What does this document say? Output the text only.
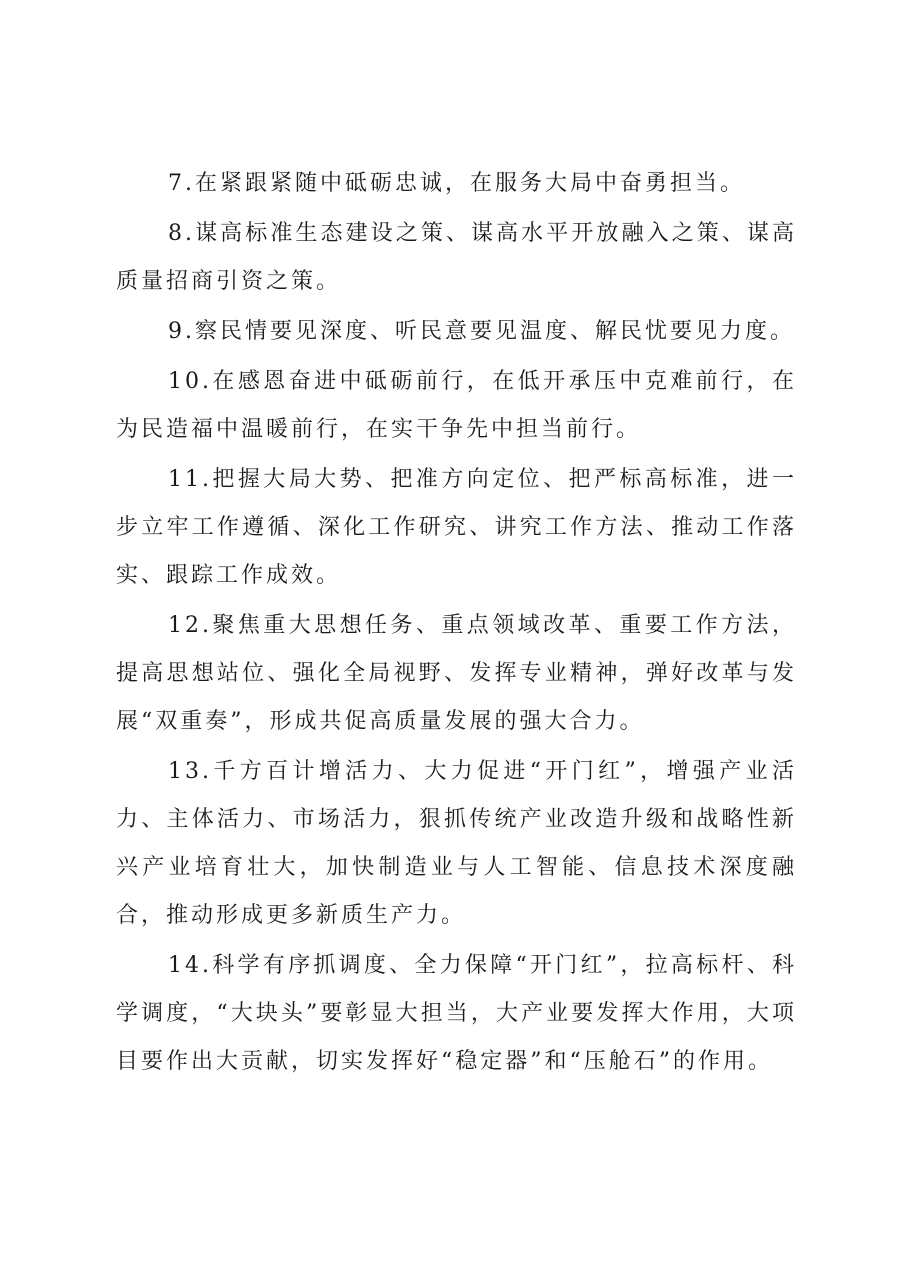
7.在紧跟紧随中砥砺忠诚，在服务大局中奋勇担当。

8.谋高标准生态建设之策、谋高水平开放融入之策、谋高质量招商引资之策。

9.察民情要见深度、听民意要见温度、解民忧要见力度。

10.在感恩奋进中砥砺前行，在低开承压中克难前行，在为民造福中温暖前行，在实干争先中担当前行。

11.把握大局大势、把准方向定位、把严标高标准，进一步立牢工作遵循、深化工作研究、讲究工作方法、推动工作落实、跟踪工作成效。

12.聚焦重大思想任务、重点领域改革、重要工作方法，提高思想站位、强化全局视野、发挥专业精神，弹好改革与发展“双重奏”，形成共促高质量发展的强大合力。

13.千方百计增活力、大力促进“开门红”，增强产业活力、主体活力、市场活力，狠抓传统产业改造升级和战略性新兴产业培育壮大，加快制造业与人工智能、信息技术深度融合，推动形成更多新质生产力。

14.科学有序抓调度、全力保障“开门红”，拉高标杆、科学调度，“大块头”要彰显大担当，大产业要发挥大作用，大项目要作出大贡献，切实发挥好“稳定器”和“压舱石”的作用。
